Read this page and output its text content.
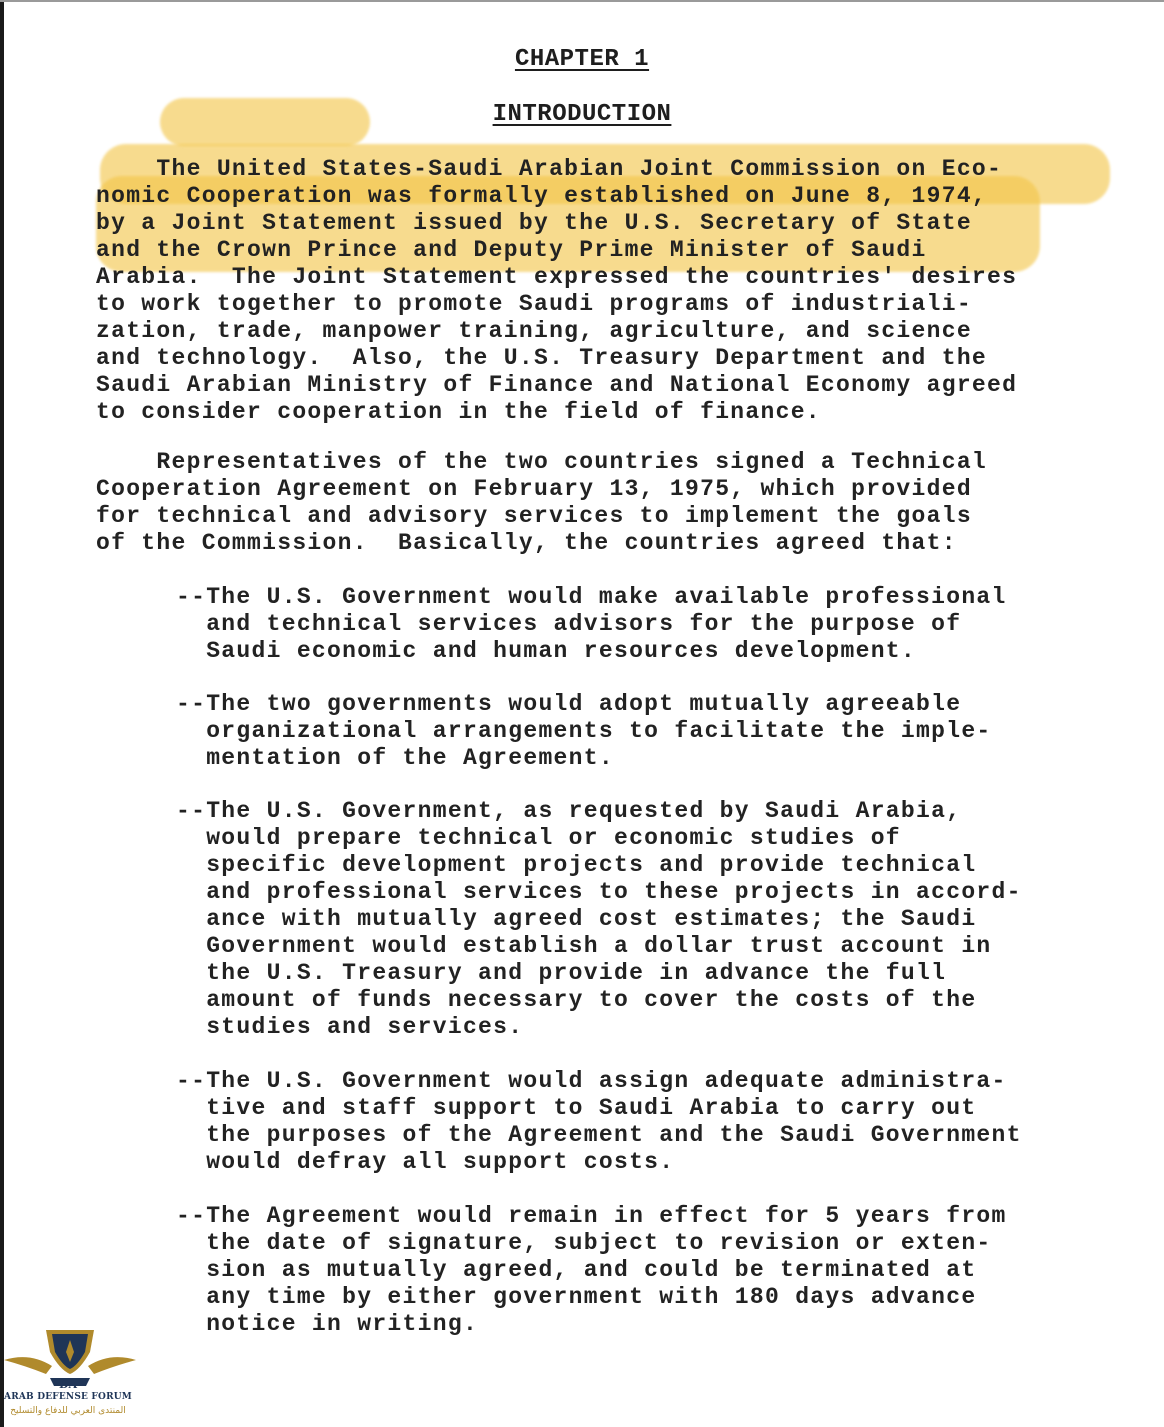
CHAPTER 1
INTRODUCTION
The United States-Saudi Arabian Joint Commission on Eco-
nomic Cooperation was formally established on June 8, 1974,
by a Joint Statement issued by the U.S. Secretary of State
and the Crown Prince and Deputy Prime Minister of Saudi
Arabia.  The Joint Statement expressed the countries' desires
to work together to promote Saudi programs of industriali-
zation, trade, manpower training, agriculture, and science
and technology.  Also, the U.S. Treasury Department and the
Saudi Arabian Ministry of Finance and National Economy agreed
to consider cooperation in the field of finance.
Representatives of the two countries signed a Technical
Cooperation Agreement on February 13, 1975, which provided
for technical and advisory services to implement the goals
of the Commission.  Basically, the countries agreed that:
--The U.S. Government would make available professional
and technical services advisors for the purpose of
Saudi economic and human resources development.
--The two governments would adopt mutually agreeable
organizational arrangements to facilitate the imple-
mentation of the Agreement.
--The U.S. Government, as requested by Saudi Arabia,
would prepare technical or economic studies of
specific development projects and provide technical
and professional services to these projects in accord-
ance with mutually agreed cost estimates; the Saudi
Government would establish a dollar trust account in
the U.S. Treasury and provide in advance the full
amount of funds necessary to cover the costs of the
studies and services.
--The U.S. Government would assign adequate administra-
tive and staff support to Saudi Arabia to carry out
the purposes of the Agreement and the Saudi Government
would defray all support costs.
--The Agreement would remain in effect for 5 years from
the date of signature, subject to revision or exten-
sion as mutually agreed, and could be terminated at
any time by either government with 180 days advance
notice in writing.
DA
ARAB DEFENSE FORUM
المنتدى العربي للدفاع والتسليح
